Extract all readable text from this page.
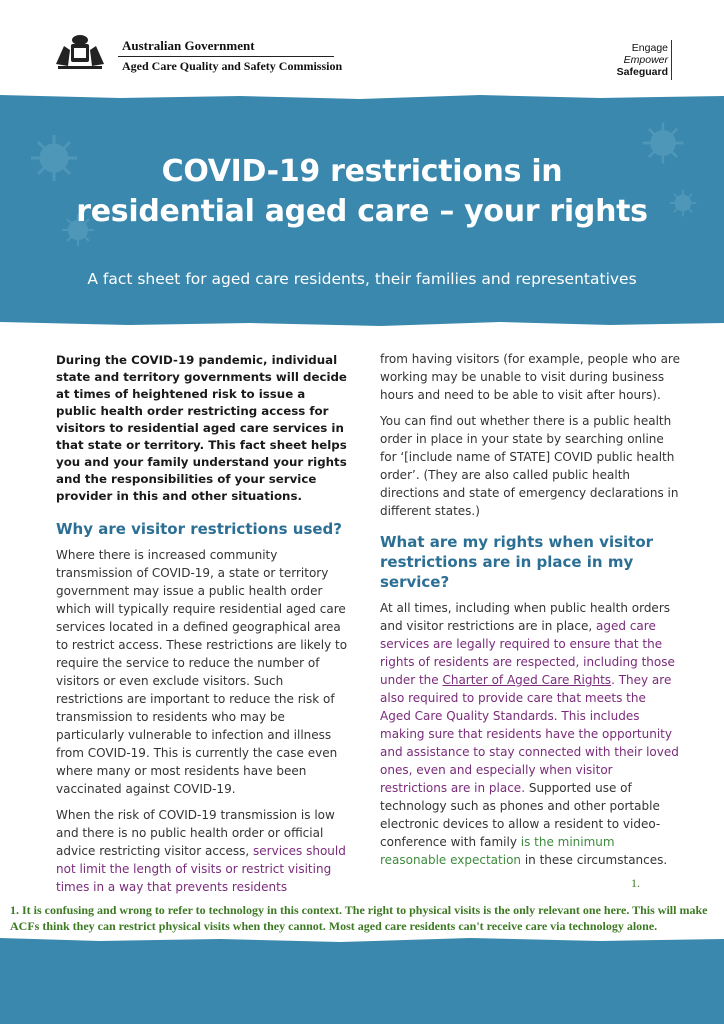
Australian Government
Aged Care Quality and Safety Commission
Engage
Empower
Safeguard
COVID-19 restrictions in
residential aged care – your rights
A fact sheet for aged care residents, their families and representatives

During the COVID-19 pandemic, individual state and territory governments will decide at times of heightened risk to issue a public health order restricting access for visitors to residential aged care services in that state or territory. This fact sheet helps you and your family understand your rights and the responsibilities of your service provider in this and other situations.

Why are visitor restrictions used?

Where there is increased community transmission of COVID-19, a state or territory government may issue a public health order which will typically require residential aged care services located in a defined geographical area to restrict access. These restrictions are likely to require the service to reduce the number of visitors or even exclude visitors. Such restrictions are important to reduce the risk of transmission to residents who may be particularly vulnerable to infection and illness from COVID-19. This is currently the case even where many or most residents have been vaccinated against COVID-19.

When the risk of COVID-19 transmission is low and there is no public health order or official advice restricting visitor access, services should not limit the length of visits or restrict visiting times in a way that prevents residents

from having visitors (for example, people who are working may be unable to visit during business hours and need to be able to visit after hours).

You can find out whether there is a public health order in place in your state by searching online for ‘[include name of STATE] COVID public health order’. (They are also called public health directions and state of emergency declarations in different states.)

What are my rights when visitor restrictions are in place in my service?

At all times, including when public health orders and visitor restrictions are in place, aged care services are legally required to ensure that the rights of residents are respected, including those under the Charter of Aged Care Rights. They are also required to provide care that meets the Aged Care Quality Standards. This includes making sure that residents have the opportunity and assistance to stay connected with their loved ones, even and especially when visitor restrictions are in place. Supported use of technology such as phones and other portable electronic devices to allow a resident to video-conference with family is the minimum reasonable expectation in these circumstances.

1.
1. It is confusing and wrong to refer to technology in this context. The right to physical visits is the only relevant one here. This will make ACFs think they can restrict physical visits when they cannot. Most aged care residents can't receive care via technology alone.
